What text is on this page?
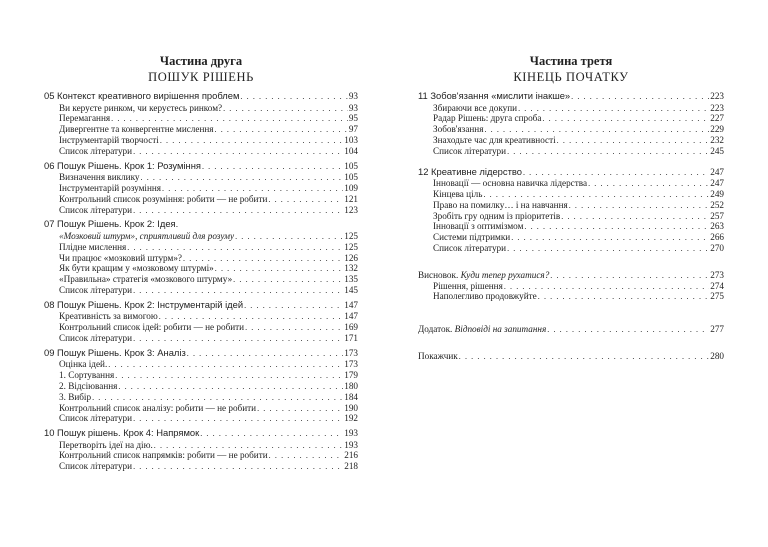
Частина друга
ПОШУК РІШЕНЬ
05 Контекст креативного вирішення проблем . . .	93
Ви керуєте ринком, чи керуєтесь ринком? . . .	93
Перемагання . . .	95
Дивергентне та конвергентне мислення . . .	97
Інструментарій творчості . . .	103
Список літератури . . .	104
06 Пошук Рішень. Крок 1: Розуміння . . .	105
Визначення виклику . . .	105
Інструментарій розуміння . . .	109
Контрольний список розуміння: робити — не робити . . .	121
Список літератури . . .	123
07 Пошук Рішень. Крок 2: Ідея.
«Мозковий штурм», сприятливий для розуму . . .	125
Плідне мислення . . .	125
Чи працює «мозковий штурм»? . . .	126
Як бути кращим у «мозковому штурмі» . . .	132
«Правильна» стратегія «мозкового штурму» . . .	135
Список літератури . . .	145
08 Пошук Рішень. Крок 2: Інструментарій ідей . . .	147
Креативність за вимогою . . .	147
Контрольний список ідей: робити — не робити . . .	169
Список літератури . . .	171
09 Пошук Рішень. Крок 3: Аналіз . . .	173
Оцінка ідей. . . .	173
1. Сортування . . .	179
2. Відсіювання . . .	180
3. Вибір . . .	184
Контрольний список аналізу: робити — не робити . . .	190
Список літератури . . .	192
10 Пошук рішень. Крок 4: Напрямок . . .	193
Перетворіть ідеї на дію. . . .	193
Контрольний список напрямків: робити — не робити . . .	216
Список літератури . . .	218
Частина третя
КІНЕЦЬ ПОЧАТКУ
11 Зобов'язання «мислити інакше» . . .	223
Збираючи все докупи . . .	223
Радар Рішень: друга спроба . . .	227
Зобов'язання . . .	229
Знаходьте час для креативності . . .	232
Список літератури . . .	245
12 Креативне лідерство . . .	247
Інновації — основна навичка лідерства . . .	247
Кінцева ціль . . .	249
Право на помилку… і на навчання . . .	252
Зробіть гру одним із пріоритетів . . .	257
Інновації з оптимізмом . . .	263
Системи підтримки . . .	266
Список літератури . . .	270
Висновок. Куди тепер рухатися? . . .	273
Рішення, рішення . . .	274
Наполегливо продовжуйте . . .	275
Додаток. Відповіді на запитання . . .	277
Покажчик . . .	280
